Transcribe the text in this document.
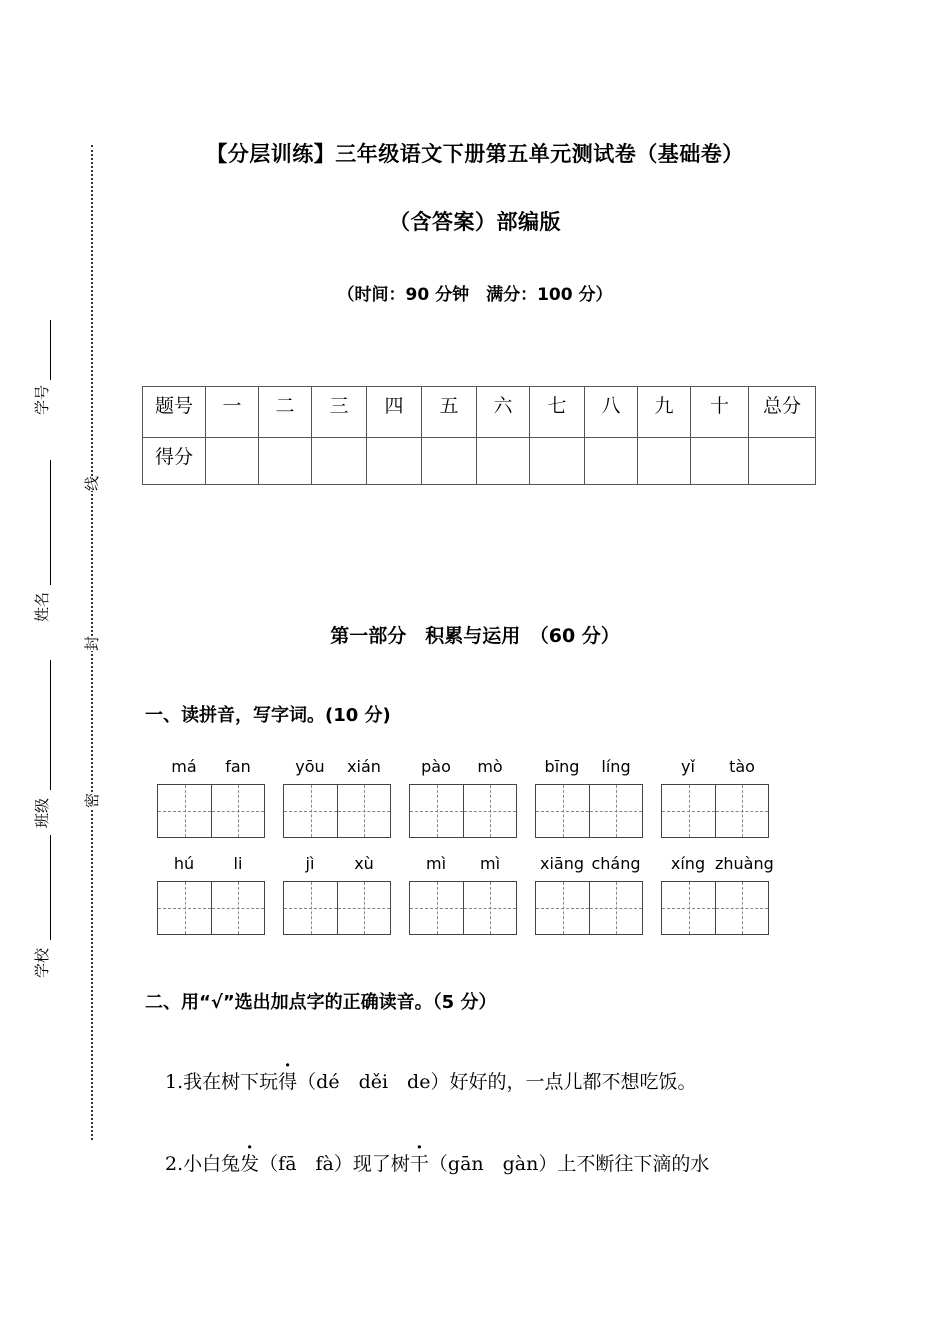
【分层训练】三年级语文下册第五单元测试卷（基础卷）
（含答案）部编版
（时间：90 分钟　满分：100 分）
线
封
密
学号
姓名
班级
学校
题号	一	二	三	四	五	六	七	八	九	十	总分
得分											
第一部分　积累与运用　（60 分）
一、读拼音，写字词。(10 分)
má	fan	yōu	xián	pào	mò	bīng	líng	yǐ	tào
hú	li	jì	xù	mì	mì	xiāng cháng	xíng zhuàng
二、用“√”选出加点字的正确读音。（5 分）
1.我在树下玩得（dé　děi　de）好好的，一点儿都不想吃饭。
2.小白兔发（fā　fà）现了树干（gān　gàn）上不断往下滴的水
